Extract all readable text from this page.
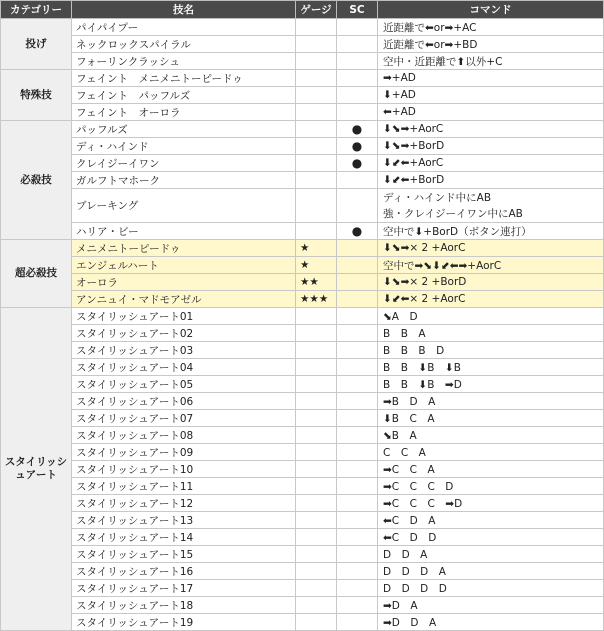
カテゴリー	技名	ゲージ	SC	コマンド
投げ	パイパイプー			近距離で⬅or➡+AC
	ネックロックスパイラル			近距離で⬅or➡+BD
	フォーリンクラッシュ			空中・近距離で⬆以外+C
特殊技	フェイント　メニメニトーピードゥ			➡+AD
	フェイント　パッフルズ			⬇+AD
	フェイント　オーロラ			⬅+AD
必殺技	パッフルズ		●	⬇⬊➡+AorC
	ディ・ハインド		●	⬇⬊➡+BorD
	クレイジーイワン		●	⬇⬋⬅+AorC
	ガルフトマホーク			⬇⬋⬅+BorD
	ブレーキング			ディ・ハインド中にAB
強・クレイジーイワン中にAB

	ハリア・ビー		●	空中で⬇+BorD（ボタン連打）
超必殺技	メニメニトーピードゥ	★		⬇⬊➡× 2 +AorC
	エンジェルハート	★		空中で➡⬊⬇⬋⬅➡+AorC
	オーロラ	★★		⬇⬊➡× 2 +BorD
	アンニュイ・マドモアゼル	★★★		⬇⬋⬅× 2 +AorC
スタイリッシュアート	スタイリッシュアート01			⬊A　D
	スタイリッシュアート02			B　B　A
	スタイリッシュアート03			B　B　B　D
	スタイリッシュアート04			B　B　⬇B　⬇B
	スタイリッシュアート05			B　B　⬇B　➡D
	スタイリッシュアート06			➡B　D　A
	スタイリッシュアート07			⬇B　C　A
	スタイリッシュアート08			⬊B　A
	スタイリッシュアート09			C　C　A
	スタイリッシュアート10			➡C　C　A
	スタイリッシュアート11			➡C　C　C　D
	スタイリッシュアート12			➡C　C　C　➡D
	スタイリッシュアート13			⬅C　D　A
	スタイリッシュアート14			⬅C　D　D
	スタイリッシュアート15			D　D　A
	スタイリッシュアート16			D　D　D　A
	スタイリッシュアート17			D　D　D　D
	スタイリッシュアート18			➡D　A
	スタイリッシュアート19			➡D　D　A
